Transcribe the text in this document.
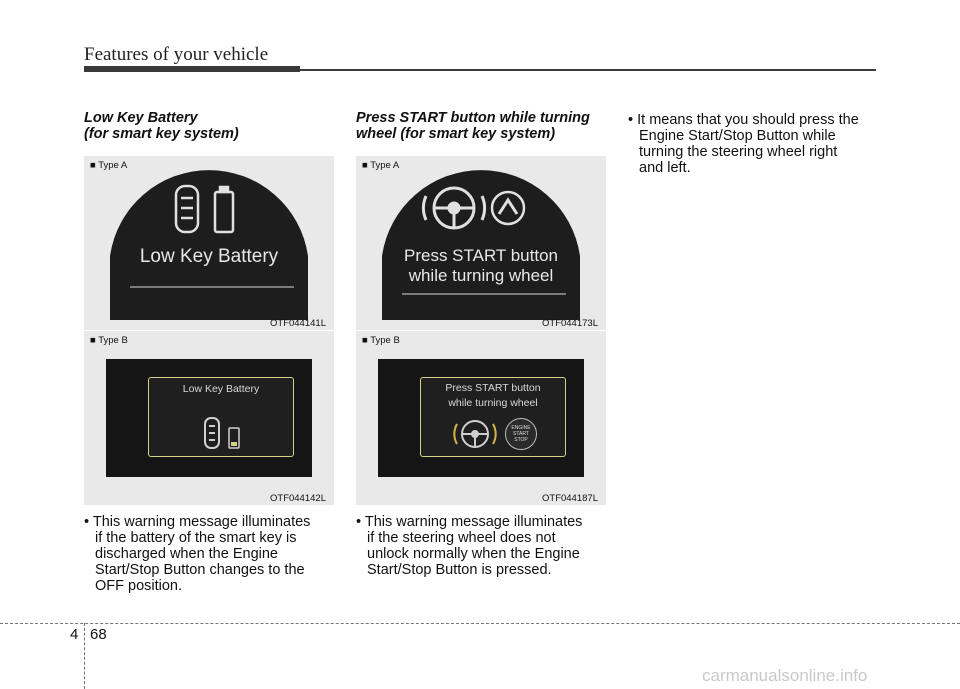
Features of your vehicle
Low Key Battery
(for smart key system)
■ Type A
Low Key Battery
OTF044141L
■ Type B
Low Key Battery
OTF044142L
• This warning message illuminates
if the battery of the smart key is
discharged when the Engine
Start/Stop Button changes to the
OFF position.
Press START button while turning
wheel (for smart key system)
■ Type A
Press START button
while turning wheel
OTF044173L
■ Type B
Press START button
while turning wheel
ENGINE
START
STOP
OTF044187L
• This warning message illuminates
if the steering wheel does not
unlock normally when the Engine
Start/Stop Button is pressed.
• It means that you should press the
Engine Start/Stop Button while
turning the steering wheel right
and left.
4 68
carmanualsonline.info
